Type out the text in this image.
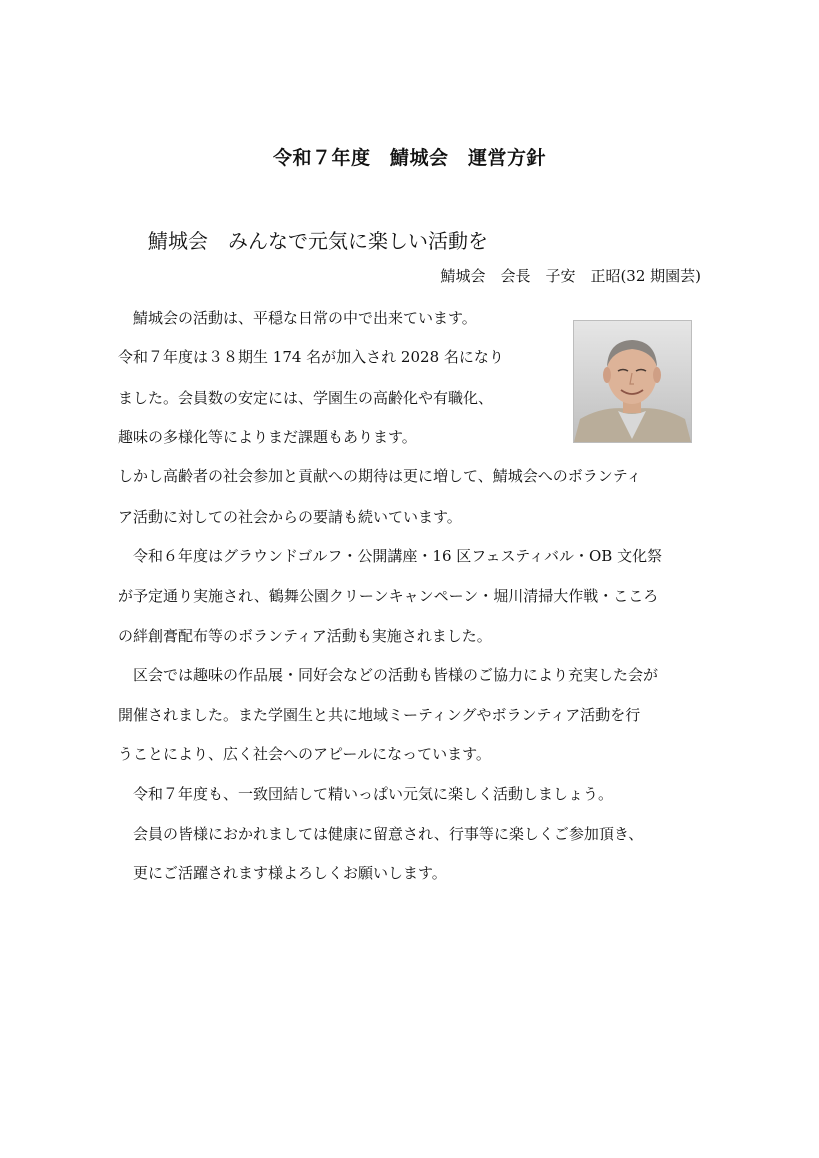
令和７年度　鯖城会　運営方針
鯖城会　みんなで元気に楽しい活動を
鯖城会　会長　子安　正昭(32 期園芸)
　鯖城会の活動は、平穏な日常の中で出来ています。
令和７年度は３８期生 174 名が加入され 2028 名になり
ました。会員数の安定には、学園生の高齢化や有職化、
趣味の多様化等によりまだ課題もあります。
しかし高齢者の社会参加と貢献への期待は更に増して、鯖城会へのボランティ
ア活動に対しての社会からの要請も続いています。
　令和６年度はグラウンドゴルフ・公開講座・16 区フェスティバル・OB 文化祭
が予定通り実施され、鶴舞公園クリーンキャンペーン・堀川清掃大作戦・こころ
の絆創膏配布等のボランティア活動も実施されました。
　区会では趣味の作品展・同好会などの活動も皆様のご協力により充実した会が
開催されました。また学園生と共に地域ミーティングやボランティア活動を行
うことにより、広く社会へのアピールになっています。
　令和７年度も、一致団結して精いっぱい元気に楽しく活動しましょう。
　会員の皆様におかれましては健康に留意され、行事等に楽しくご参加頂き、
　更にご活躍されます様よろしくお願いします。
